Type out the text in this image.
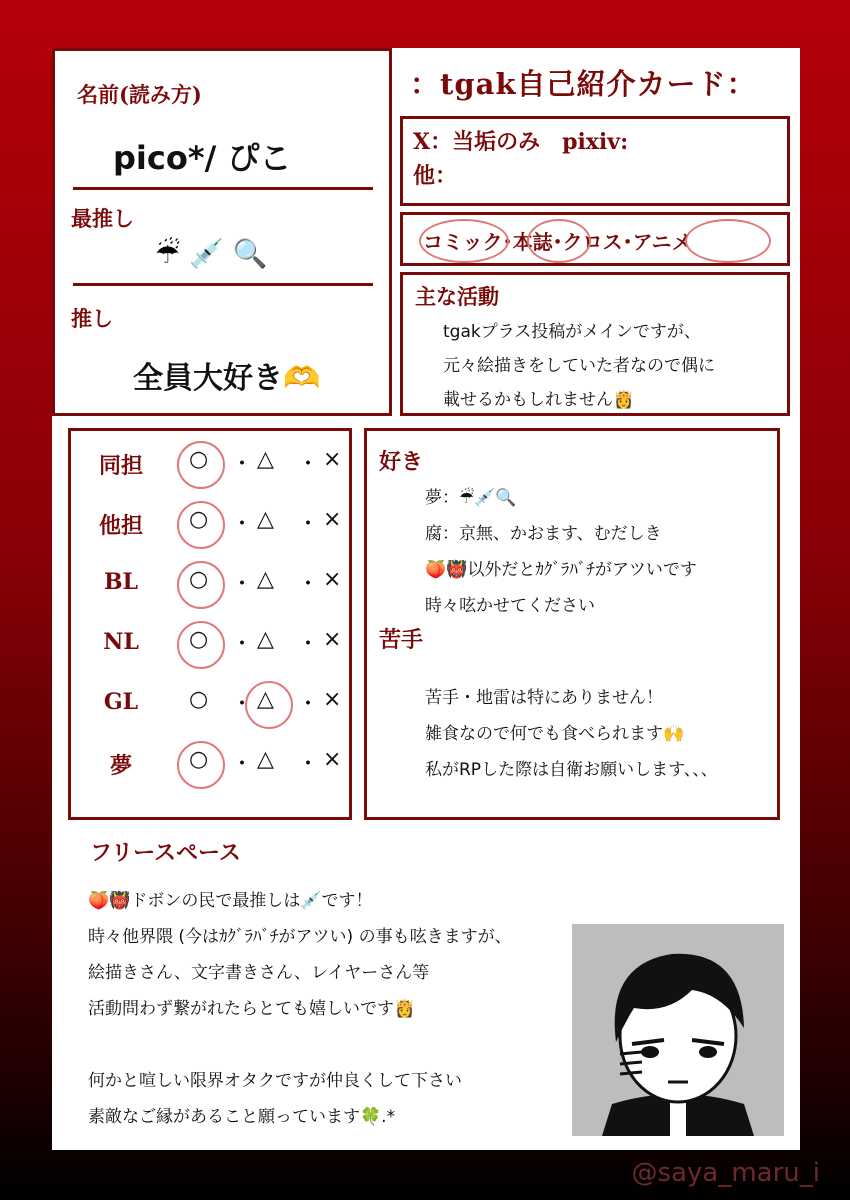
名前(読み方)
pico*/ ぴこ
最推し
☔ 💉 🔍
推し
全員大好き🫶
：tgak自己紹介カード：
X：当垢のみ　pixiv:
他：
コミック･本誌･クロス･アニメ
主な活動
tgakプラス投稿がメインですが、
元々絵描きをしていた者なので偶に
載せるかもしれません👸
同担	○ ・ △ ・ ×
他担	○ ・ △ ・ ×
BL	○ ・ △ ・ ×
NL	○ ・ △ ・ ×
GL	○ ・ △ ・ ×
夢	○ ・ △ ・ ×
好き
夢：☔💉🔍
腐：京無、かおます、むだしき
🍑👹以外だとｶｸﾞﾗﾊﾞﾁがアツいです
時々呟かせてください
苦手
苦手・地雷は特にありません！
雑食なので何でも食べられます🙌
私がRPした際は自衛お願いします、、、
フリースペース
🍑👹ドボンの民で最推しは💉です！
時々他界隈 (今はｶｸﾞﾗﾊﾞﾁがアツい) の事も呟きますが、
絵描きさん、文字書きさん、レイヤーさん等
活動問わず繋がれたらとても嬉しいです👸
何かと喧しい限界オタクですが仲良くして下さい
素敵なご縁があること願っています🍀.*
@saya_maru_i
